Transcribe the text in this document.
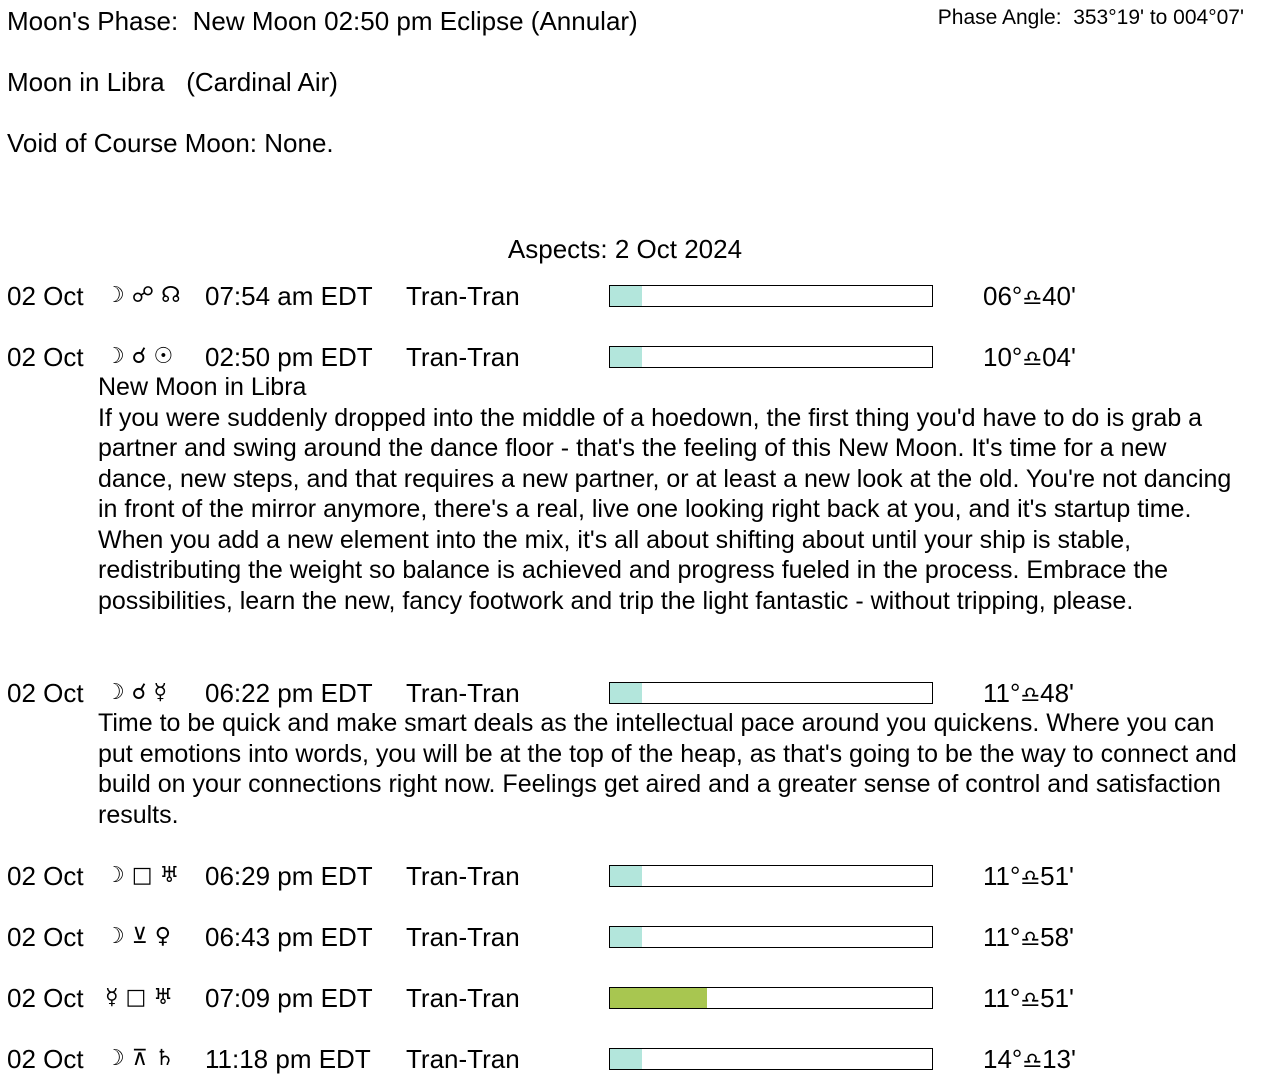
Moon's Phase:  New Moon 02:50 pm Eclipse (Annular)	Phase Angle:  353°19' to 004°07'
Moon in Libra   (Cardinal Air)
Void of Course Moon: None.
Aspects: 2 Oct 2024
02 Oct ☽ ☍ ☊ 07:54 am EDT Tran-Tran	06°♎40'
02 Oct ☽ ☌ ☉ 02:50 pm EDT Tran-Tran	10°♎04'
New Moon in Libra
If you were suddenly dropped into the middle of a hoedown, the first thing you'd have to do is grab a partner and swing around the dance floor - that's the feeling of this New Moon. It's time for a new dance, new steps, and that requires a new partner, or at least a new look at the old. You're not dancing in front of the mirror anymore, there's a real, live one looking right back at you, and it's startup time. When you add a new element into the mix, it's all about shifting about until your ship is stable, redistributing the weight so balance is achieved and progress fueled in the process. Embrace the possibilities, learn the new, fancy footwork and trip the light fantastic - without tripping, please.
02 Oct ☽ ☌ ☿ 06:22 pm EDT Tran-Tran	11°♎48'
Time to be quick and make smart deals as the intellectual pace around you quickens. Where you can put emotions into words, you will be at the top of the heap, as that's going to be the way to connect and build on your connections right now. Feelings get aired and a greater sense of control and satisfaction results.
02 Oct ☽ □ ♅ 06:29 pm EDT Tran-Tran	11°♎51'
02 Oct ☽ ⊻ ♀ 06:43 pm EDT Tran-Tran	11°♎58'
02 Oct ☿ □ ♅ 07:09 pm EDT Tran-Tran	11°♎51'
02 Oct ☽ ⊼ ♄ 11:18 pm EDT Tran-Tran	14°♎13'
